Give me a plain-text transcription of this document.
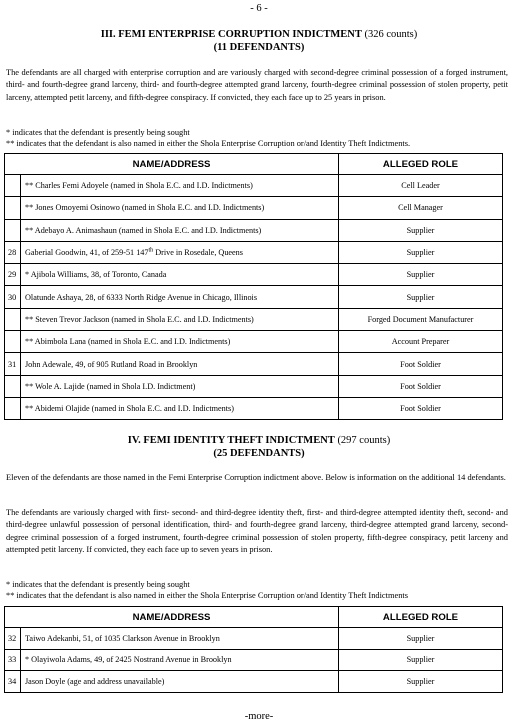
- 6 -
III. FEMI ENTERPRISE CORRUPTION INDICTMENT (326 counts)
(11 DEFENDANTS)
The defendants are all charged with enterprise corruption and are variously charged with second-degree criminal possession of a forged instrument, third- and fourth-degree grand larceny, third- and fourth-degree attempted grand larceny, fourth-degree criminal possession of stolen property, petit larceny, attempted petit larceny, and fifth-degree conspiracy. If convicted, they each face up to 25 years in prison.
* indicates that the defendant is presently being sought
** indicates that the defendant is also named in either the Shola Enterprise Corruption or/and Identity Theft Indictments.
NAME/ADDRESS		ALLEGED ROLE
	** Charles Femi Adoyele (named in Shola E.C. and I.D. Indictments)	Cell Leader
	** Jones Omoyemi Osinowo (named in Shola E.C. and I.D. Indictments)	Cell Manager
	** Adebayo A. Animashaun (named in Shola E.C. and I.D. Indictments)	Supplier
28	Gaberial Goodwin, 41, of 259-51 147th Drive in Rosedale, Queens	Supplier
29	* Ajibola Williams, 38, of Toronto, Canada	Supplier
30	Olatunde Ashaya, 28, of 6333 North Ridge Avenue in Chicago, Illinois	Supplier
	** Steven Trevor Jackson (named in Shola E.C. and I.D. Indictments)	Forged Document Manufacturer
	** Abimbola Lana (named in Shola E.C. and I.D. Indictments)	Account Preparer
31	John Adewale, 49, of 905 Rutland Road in Brooklyn	Foot Soldier
	** Wole A. Lajide (named in Shola I.D. Indictment)	Foot Soldier
	** Abidemi Olajide (named in Shola E.C. and I.D. Indictments)	Foot Soldier
IV. FEMI IDENTITY THEFT INDICTMENT (297 counts)
(25 DEFENDANTS)
Eleven of the defendants are those named in the Femi Enterprise Corruption indictment above. Below is information on the additional 14 defendants.
The defendants are variously charged with first- second- and third-degree identity theft, first- and third-degree attempted identity theft, second- and third-degree unlawful possession of personal identification, third- and fourth-degree grand larceny, third-degree attempted grand larceny, second-degree criminal possession of a forged instrument, fourth-degree criminal possession of stolen property, fifth-degree conspiracy, petit larceny and attempted petit larceny. If convicted, they each face up to seven years in prison.
* indicates that the defendant is presently being sought
** indicates that the defendant is also named in either the Shola Enterprise Corruption or/and Identity Theft Indictments
NAME/ADDRESS		ALLEGED ROLE
32	Taiwo Adekanbi, 51, of 1035 Clarkson Avenue in Brooklyn	Supplier
33	* Olayiwola Adams, 49, of 2425 Nostrand Avenue in Brooklyn	Supplier
34	Jason Doyle (age and address unavailable)	Supplier
-more-
